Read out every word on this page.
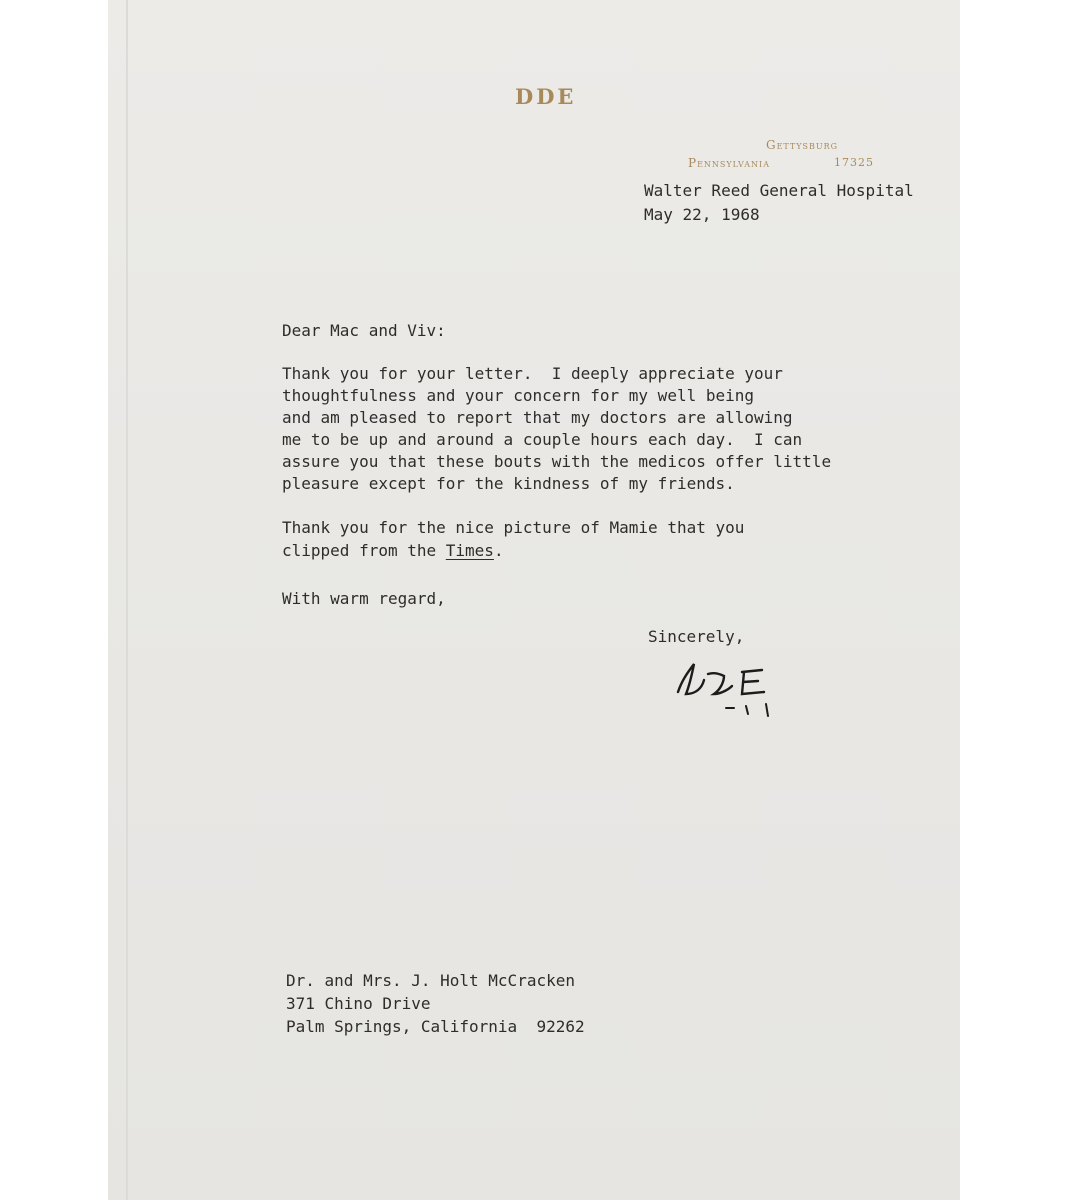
DDE
Gettysburg
Pennsylvania	17325
Walter Reed General Hospital
May 22, 1968
Dear Mac and Viv:
Thank you for your letter.  I deeply appreciate your
thoughtfulness and your concern for my well being
and am pleased to report that my doctors are allowing
me to be up and around a couple hours each day.  I can
assure you that these bouts with the medicos offer little
pleasure except for the kindness of my friends.
Thank you for the nice picture of Mamie that you
clipped from the Times.
With warm regard,
Sincerely,
Dr. and Mrs. J. Holt McCracken
371 Chino Drive
Palm Springs, California  92262
